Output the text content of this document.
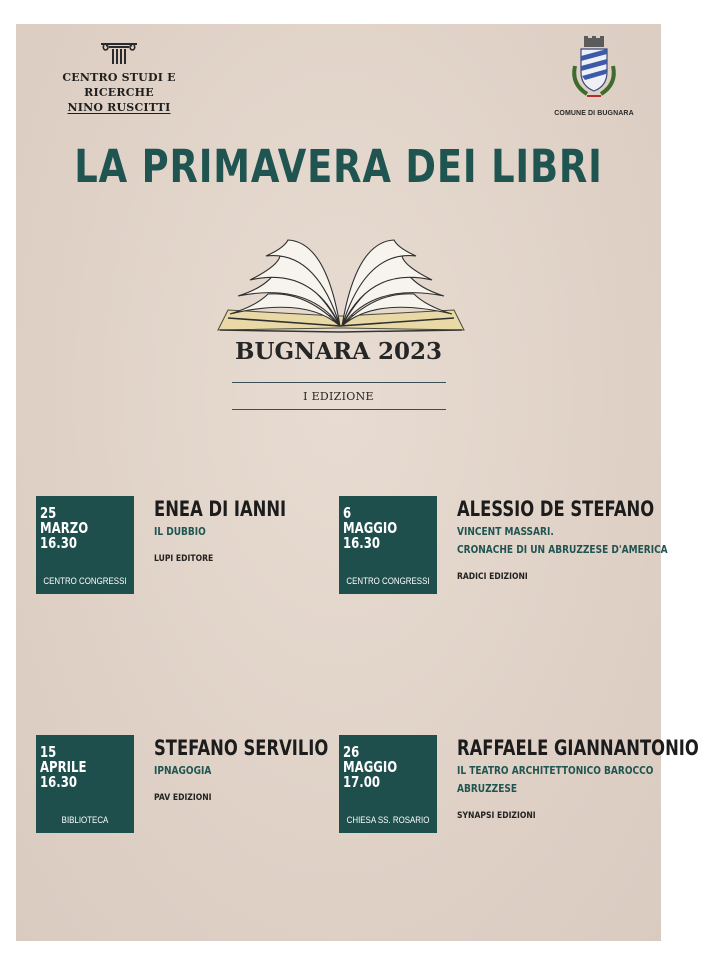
CENTRO STUDI E RICERCHE
NINO RUSCITTI	COMUNE DI BUGNARA
LA PRIMAVERA DEI LIBRI
BUGNARA 2023
I EDIZIONE
25
MARZO
16.30
CENTRO CONGRESSI
ENEA DI IANNI
IL DUBBIO
LUPI EDITORE
6
MAGGIO
16.30
CENTRO CONGRESSI
ALESSIO DE STEFANO
VINCENT MASSARI.
CRONACHE DI UN ABRUZZESE D'AMERICA
RADICI EDIZIONI
15
APRILE
16.30
BIBLIOTECA
STEFANO SERVILIO
IPNAGOGIA
PAV EDIZIONI
26
MAGGIO
17.00
CHIESA SS. ROSARIO
RAFFAELE GIANNANTONIO
IL TEATRO ARCHITETTONICO BAROCCO
ABRUZZESE
SYNAPSI EDIZIONI
